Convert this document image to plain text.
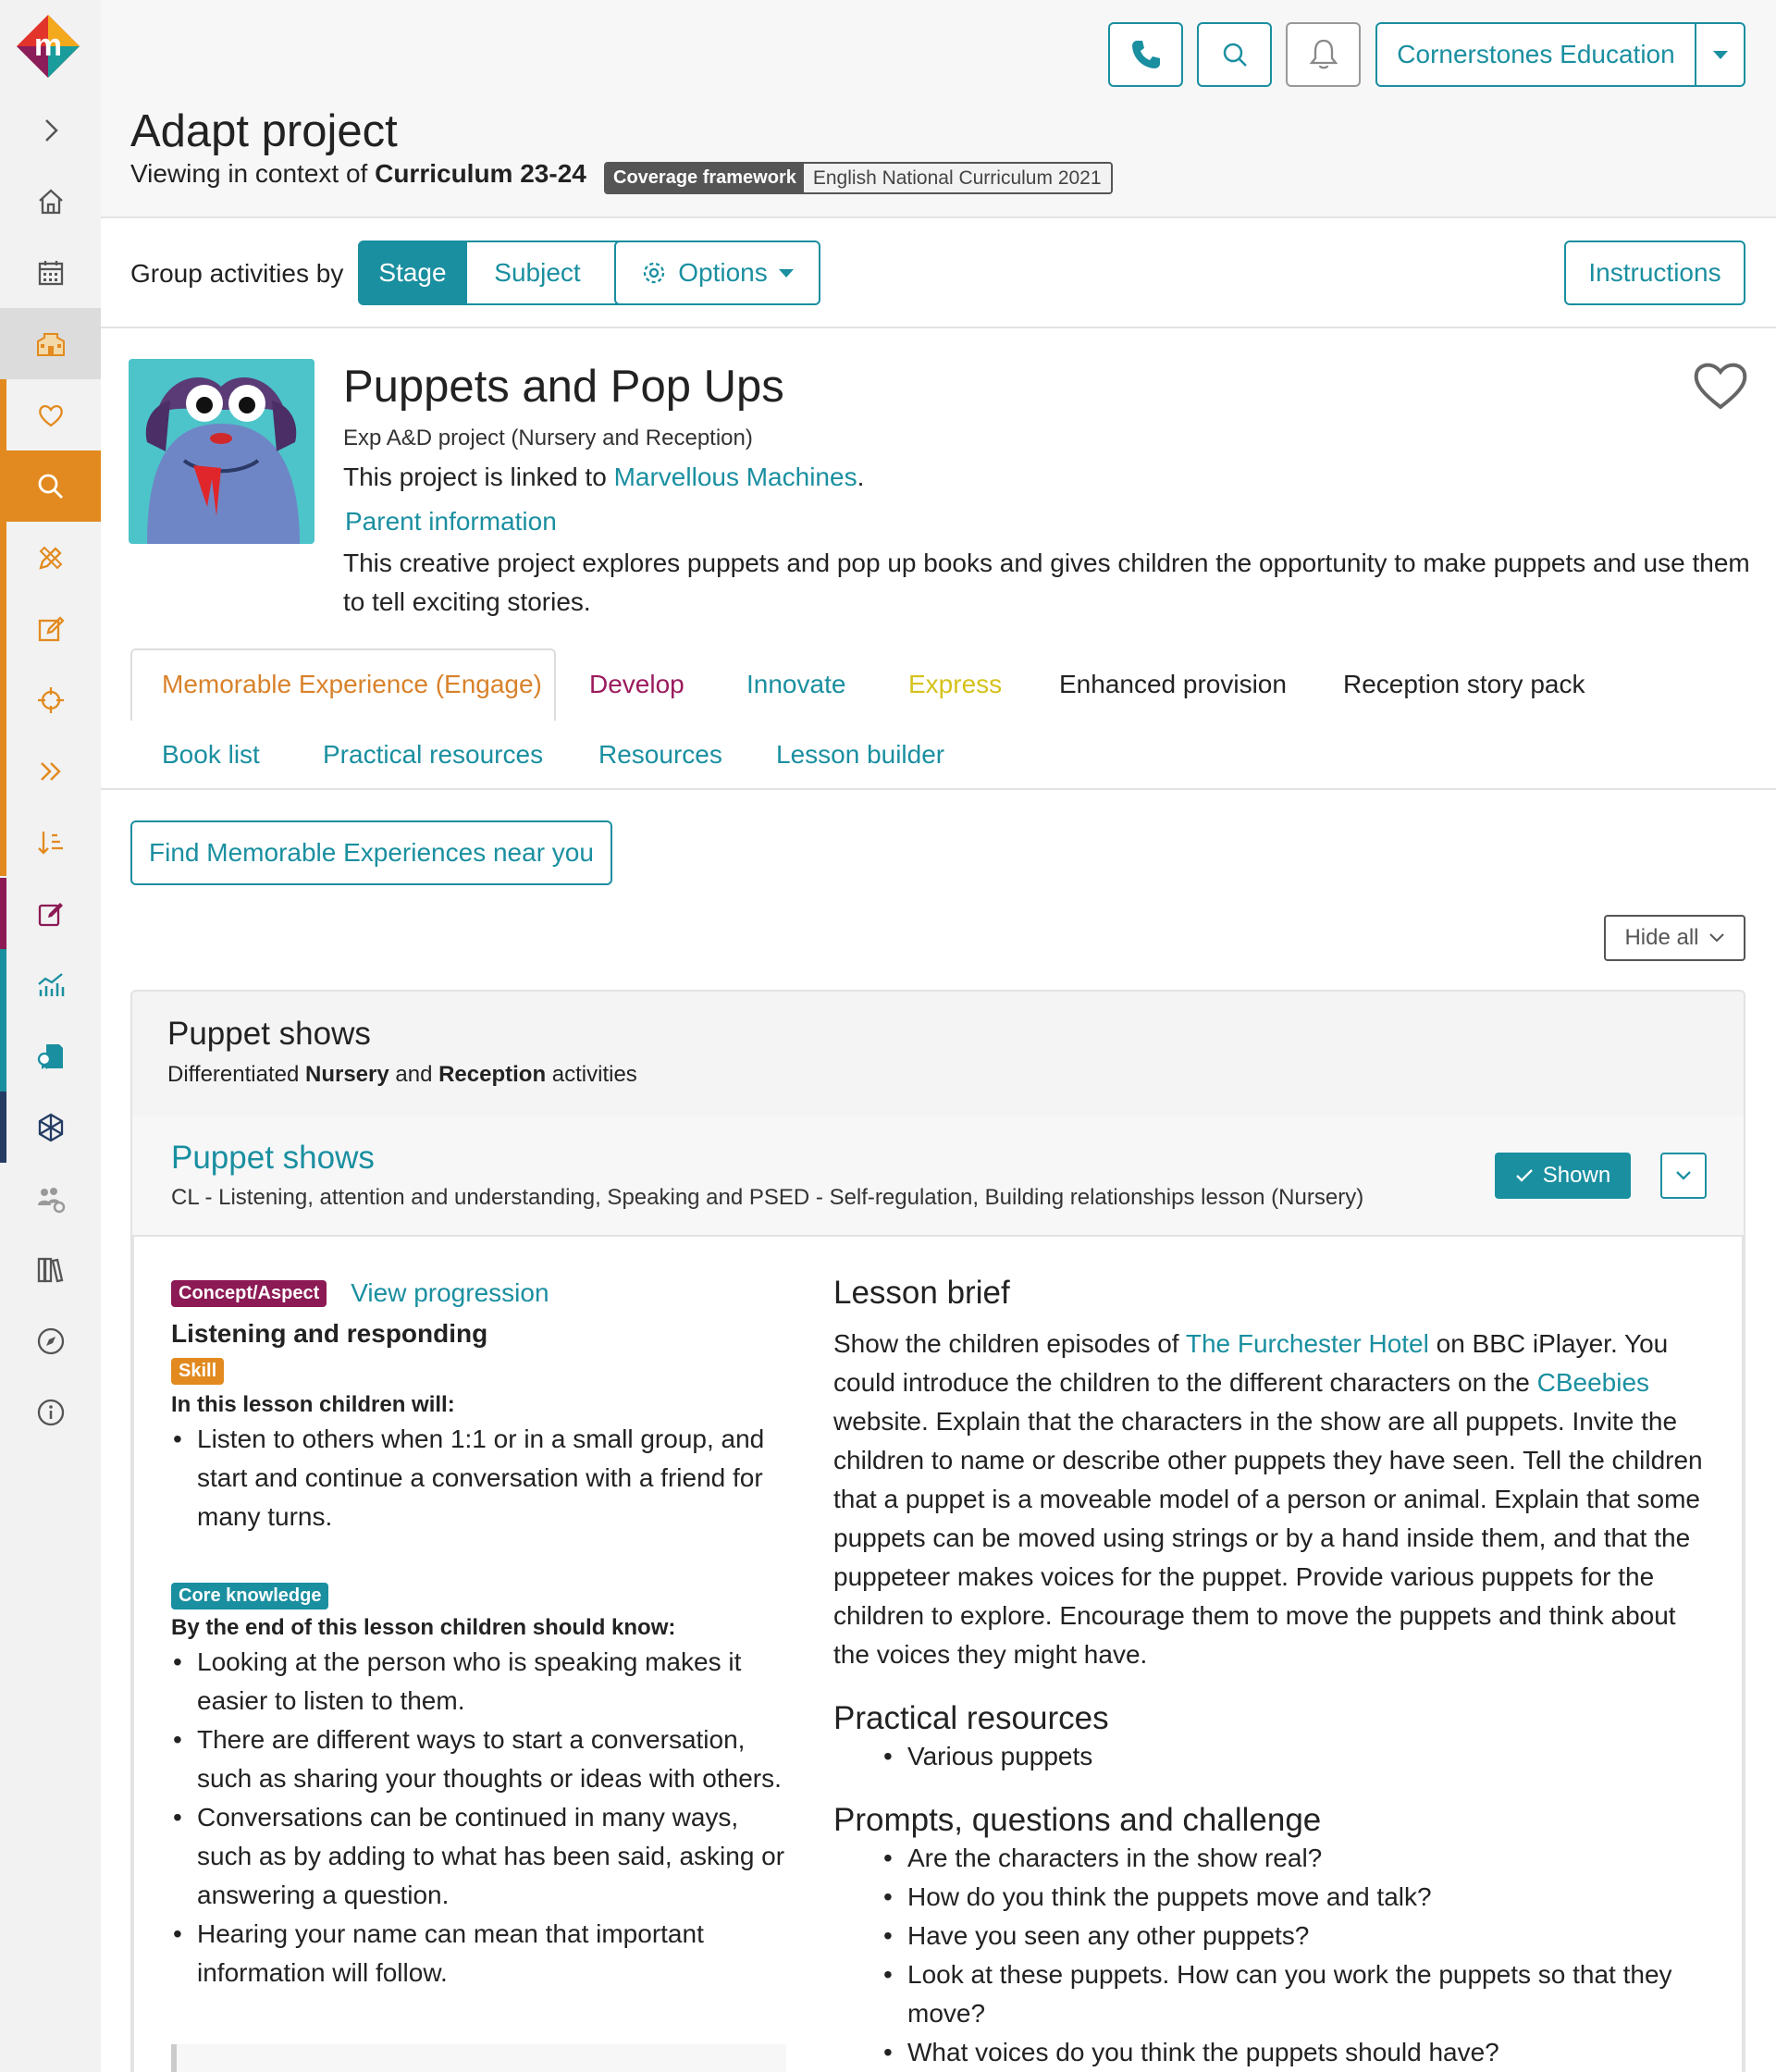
m	Cornerstones Education
Adapt project
Viewing in context of Curriculum 23-24	Coverage framework English National Curriculum 2021
Group activities by	Stage	Subject	Options	Instructions
Puppets and Pop Ups
Exp A&D project (Nursery and Reception)
This project is linked to Marvellous Machines.
Parent information
This creative project explores puppets and pop up books and gives children the opportunity to make puppets and use them to tell exciting stories.
Memorable Experience (Engage) Develop Innovate Express Enhanced provision Reception story pack
Book list Practical resources Resources Lesson builder
Find Memorable Experiences near you
Hide all
Puppet shows
Differentiated Nursery and Reception activities
Puppet shows
CL - Listening, attention and understanding, Speaking and PSED - Self-regulation, Building relationships lesson (Nursery)
Shown
Concept/Aspect View progression
Listening and responding
Skill
In this lesson children will:
• Listen to others when 1:1 or in a small group, and start and continue a conversation with a friend for many turns.
Core knowledge
By the end of this lesson children should know:
• Looking at the person who is speaking makes it easier to listen to them.
• There are different ways to start a conversation, such as sharing your thoughts or ideas with others.
• Conversations can be continued in many ways, such as by adding to what has been said, asking or answering a question.
• Hearing your name can mean that important information will follow.
Lesson brief
Show the children episodes of The Furchester Hotel on BBC iPlayer. You could introduce the children to the different characters on the CBeebies website. Explain that the characters in the show are all puppets. Invite the children to name or describe other puppets they have seen. Tell the children that a puppet is a moveable model of a person or animal. Explain that some puppets can be moved using strings or by a hand inside them, and that the puppeteer makes voices for the puppet. Provide various puppets for the children to explore. Encourage them to move the puppets and think about the voices they might have.
Practical resources
• Various puppets
Prompts, questions and challenge
• Are the characters in the show real?
• How do you think the puppets move and talk?
• Have you seen any other puppets?
• Look at these puppets. How can you work the puppets so that they move?
• What voices do you think the puppets should have?
